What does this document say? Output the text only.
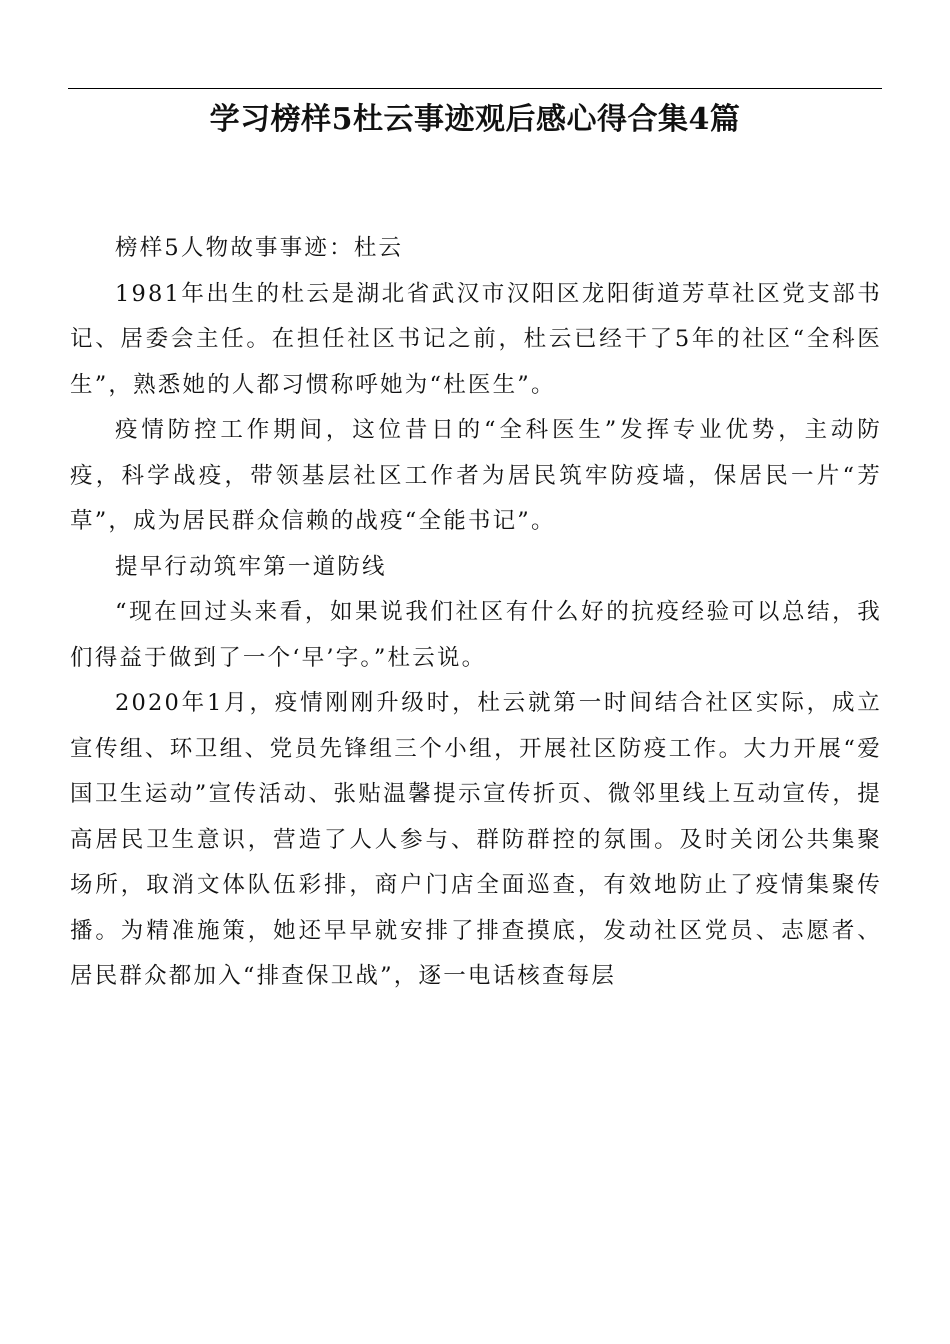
学习榜样5杜云事迹观后感心得合集4篇

榜样5人物故事事迹：杜云

1981年出生的杜云是湖北省武汉市汉阳区龙阳街道芳草社区党支部书记、居委会主任。在担任社区书记之前，杜云已经干了5年的社区“全科医生”，熟悉她的人都习惯称呼她为“杜医生”。

疫情防控工作期间，这位昔日的“全科医生”发挥专业优势，主动防疫，科学战疫，带领基层社区工作者为居民筑牢防疫墙，保居民一片“芳草”，成为居民群众信赖的战疫“全能书记”。

提早行动筑牢第一道防线

“现在回过头来看，如果说我们社区有什么好的抗疫经验可以总结，我们得益于做到了一个‘早’字。”杜云说。

2020年1月，疫情刚刚升级时，杜云就第一时间结合社区实际，成立宣传组、环卫组、党员先锋组三个小组，开展社区防疫工作。大力开展“爱国卫生运动”宣传活动、张贴温馨提示宣传折页、微邻里线上互动宣传，提高居民卫生意识，营造了人人参与、群防群控的氛围。及时关闭公共集聚场所，取消文体队伍彩排，商户门店全面巡查，有效地防止了疫情集聚传播。为精准施策，她还早早就安排了排查摸底，发动社区党员、志愿者、居民群众都加入“排查保卫战”，逐一电话核查每层
